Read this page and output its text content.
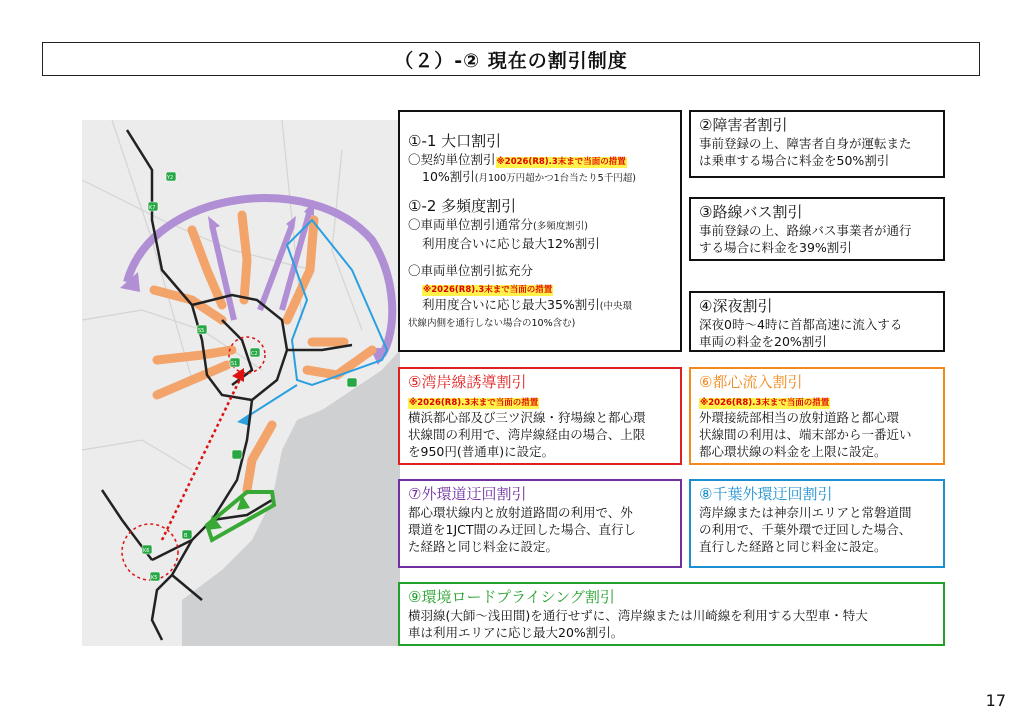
（２）-② 現在の割引制度
Y2
K7
S5
S1
C2
K6
K5
B
①-1 大口割引
〇契約単位割引※2026(R8).3末まで当面の措置
10%割引(月100万円超かつ1台当たり5千円超)
①-2 多頻度割引
〇車両単位割引通常分(多頻度割引)
利用度合いに応じ最大12%割引
〇車両単位割引拡充分
※2026(R8).3末まで当面の措置
利用度合いに応じ最大35%割引(中央環
状線内側を通行しない場合の10%含む)
②障害者割引
事前登録の上、障害者自身が運転また
は乗車する場合に料金を50%割引
③路線バス割引
事前登録の上、路線バス事業者が通行
する場合に料金を39%割引
④深夜割引
深夜0時～4時に首都高速に流入する
車両の料金を20%割引
⑤湾岸線誘導割引
※2026(R8).3末まで当面の措置
横浜都心部及び三ツ沢線・狩場線と都心環
状線間の利用で、湾岸線経由の場合、上限
を950円(普通車)に設定。
⑥都心流入割引
※2026(R8).3末まで当面の措置
外環接続部相当の放射道路と都心環
状線間の利用は、端末部から一番近い
都心環状線の料金を上限に設定。
⑦外環道迂回割引
都心環状線内と放射道路間の利用で、外
環道を1JCT間のみ迂回した場合、直行し
た経路と同じ料金に設定。
⑧千葉外環迂回割引
湾岸線または神奈川エリアと常磐道間
の利用で、千葉外環で迂回した場合、
直行した経路と同じ料金に設定。
⑨環境ロードプライシング割引
横羽線(大師～浅田間)を通行せずに、湾岸線または川崎線を利用する大型車・特大
車は利用エリアに応じ最大20%割引。
17
